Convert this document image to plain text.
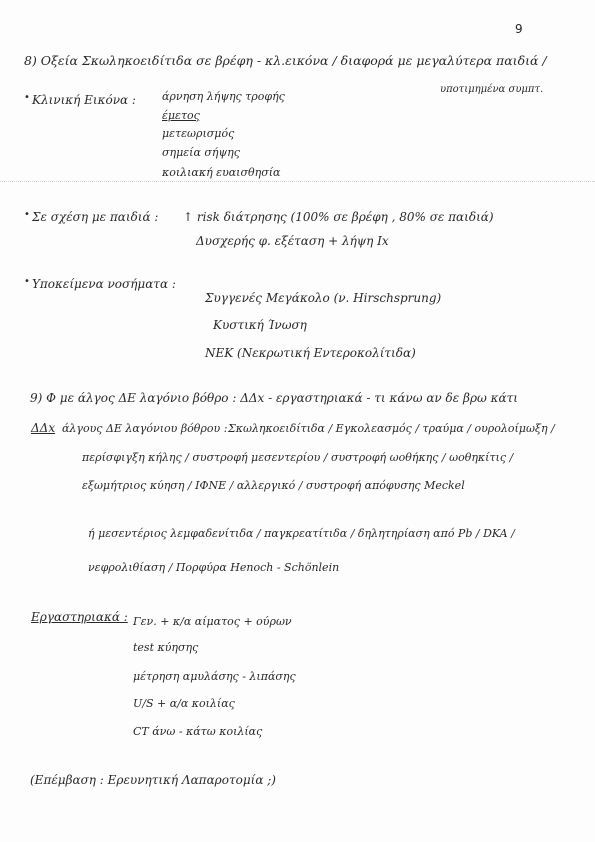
9
8) Οξεία Σκωληκοειδίτιδα σε βρέφη - κλ.εικόνα / διαφορά με μεγαλύτερα παιδιά /
υποτιμημένα συμπτ.
• Κλινική Εικόνα : άρνηση λήψης τροφής
έμετος
μετεωρισμός
σημεία σήψης
κοιλιακή ευαισθησία
• Σε σχέση με παιδιά : ↑ risk διάτρησης (100% σε βρέφη , 80% σε παιδιά)
Δυσχερής φ. εξέταση + λήψη Ιx
• Υποκείμενα νοσήματα :
Συγγενές Μεγάκολο (ν. Hirschsprung)
Κυστική Ίνωση
NEK (Νεκρωτική Εντεροκολίτιδα)
9) Φ με άλγος ΔΕ λαγόνιο βόθρο : ΔΔx - εργαστηριακά - τι κάνω αν δε βρω κάτι
ΔΔx άλγους ΔΕ λαγόνιου βόθρου : Σκωληκοειδίτιδα / Εγκολεασμός / τραύμα / ουρολοίμωξη /
περίσφιγξη κήλης / συστροφή μεσεντερίου / συστροφή ωοθήκης / ωοθηκίτις /
εξωμήτριος κύηση / IΦΝΕ / αλλεργικό / συστροφή απόφυσης Meckel
ή μεσεντέριος λεμφαδενίτιδα / παγκρεατίτιδα / δηλητηρίαση από Pb / DKA /
νεφρολιθίαση / Πορφύρα Henoch - Schönlein
Εργαστηριακά : Γεν. + κ/α αίματος + ούρων
test κύησης
μέτρηση αμυλάσης - λιπάσης
U/S + α/α κοιλίας
CT άνω - κάτω κοιλίας
(Επέμβαση : Ερευνητική Λαπαροτομία ;)
